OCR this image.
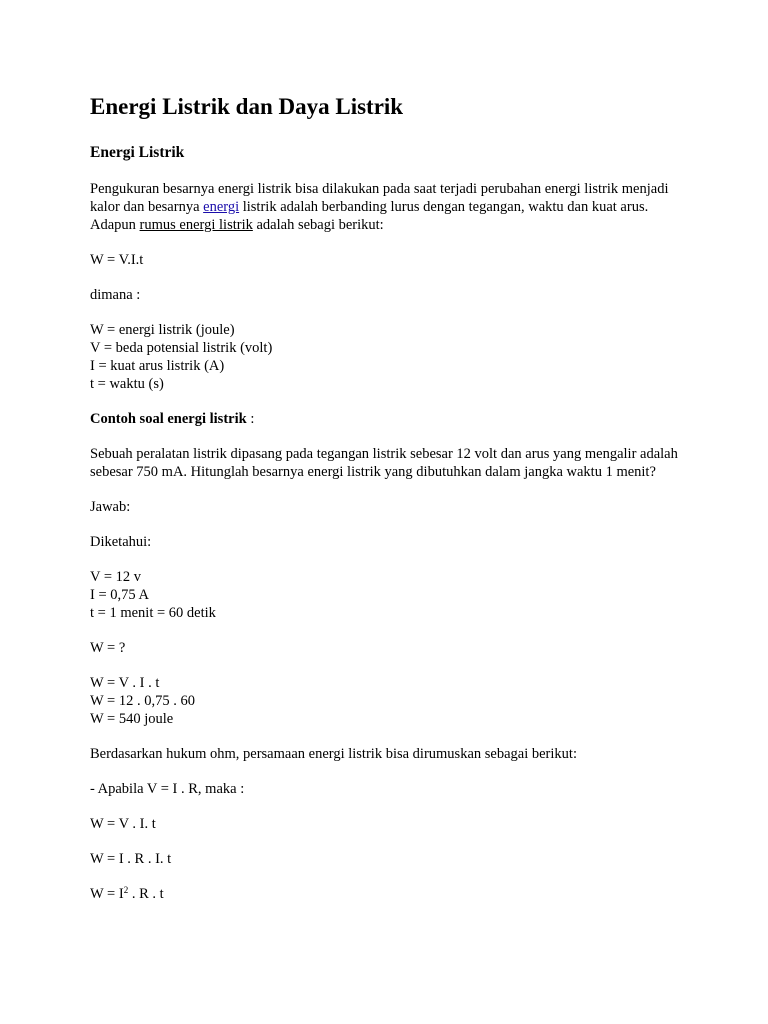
Energi Listrik dan Daya Listrik
Energi Listrik

Pengukuran besarnya energi listrik bisa dilakukan pada saat terjadi perubahan energi listrik menjadi kalor dan besarnya energi listrik adalah berbanding lurus dengan tegangan, waktu dan kuat arus. Adapun rumus energi listrik adalah sebagi berikut:

W = V.I.t

dimana :

W = energi listrik (joule)
V = beda potensial listrik (volt)
I = kuat arus listrik (A)
t = waktu (s)

Contoh soal energi listrik :

Sebuah peralatan listrik dipasang pada tegangan listrik sebesar 12 volt dan arus yang mengalir adalah  sebesar 750 mA. Hitunglah besarnya energi listrik yang dibutuhkan dalam jangka waktu 1 menit?

Jawab:

Diketahui:

V = 12 v
I = 0,75 A
t = 1 menit = 60 detik

W = ?

W = V . I . t
W = 12 . 0,75 . 60
W = 540 joule

Berdasarkan hukum ohm, persamaan energi listrik bisa dirumuskan sebagai berikut:

- Apabila V = I . R, maka :

W = V . I. t

W = I . R . I. t

$W = I^2$ . R . t
